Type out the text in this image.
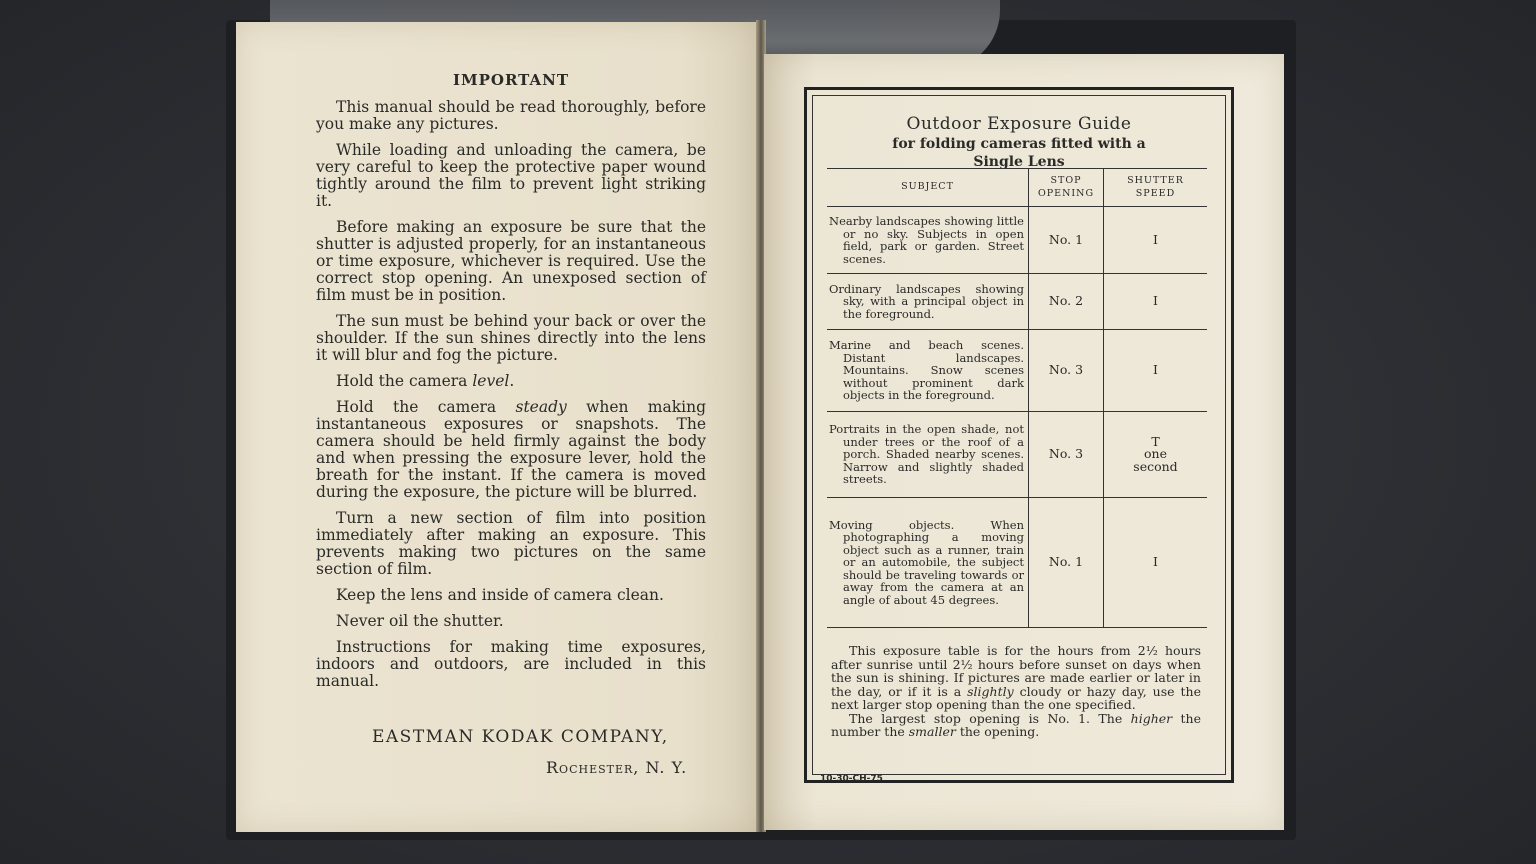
IMPORTANT

This manual should be read thoroughly, before you make any pictures.

While loading and unloading the camera, be very careful to keep the protective paper wound tightly around the film to prevent light striking it.

Before making an exposure be sure that the shutter is adjusted properly, for an instantaneous or time exposure, whichever is required. Use the correct stop opening. An unexposed section of film must be in position.

The sun must be behind your back or over the shoulder. If the sun shines directly into the lens it will blur and fog the picture.

Hold the camera level.

Hold the camera steady when making instantaneous exposures or snapshots. The camera should be held firmly against the body and when pressing the exposure lever, hold the breath for the instant. If the camera is moved during the exposure, the picture will be blurred.

Turn a new section of film into position immediately after making an exposure. This prevents making two pictures on the same section of film.

Keep the lens and inside of camera clean.

Never oil the shutter.

Instructions for making time exposures, indoors and outdoors, are included in this manual.

EASTMAN KODAK COMPANY,
Rochester, N. Y.
Outdoor Exposure Guide
for folding cameras fitted with a
Single Lens
SUBJECT	STOP OPENING	SHUTTER SPEED

Nearby landscapes showing little or no sky. Subjects in open field, park or garden. Street scenes.	No. 1	I

Ordinary landscapes showing sky, with a principal object in the foreground.	No. 2	I

Marine and beach scenes. Distant landscapes. Mountains. Snow scenes without prominent dark objects in the foreground.	No. 3	I

Portraits in the open shade, not under trees or the roof of a porch. Shaded nearby scenes. Narrow and slightly shaded streets.	No. 3	T
one second

Moving objects. When photographing a moving object such as a runner, train or an automobile, the subject should be traveling towards or away from the camera at an angle of about 45 degrees.	No. 1	I

This exposure table is for the hours from 2½ hours after sunrise until 2½ hours before sunset on days when the sun is shining. If pictures are made earlier or later in the day, or if it is a slightly cloudy or hazy day, use the next larger stop opening than the one specified.

The largest stop opening is No. 1. The higher the number the smaller the opening.

10-30-CH-75
